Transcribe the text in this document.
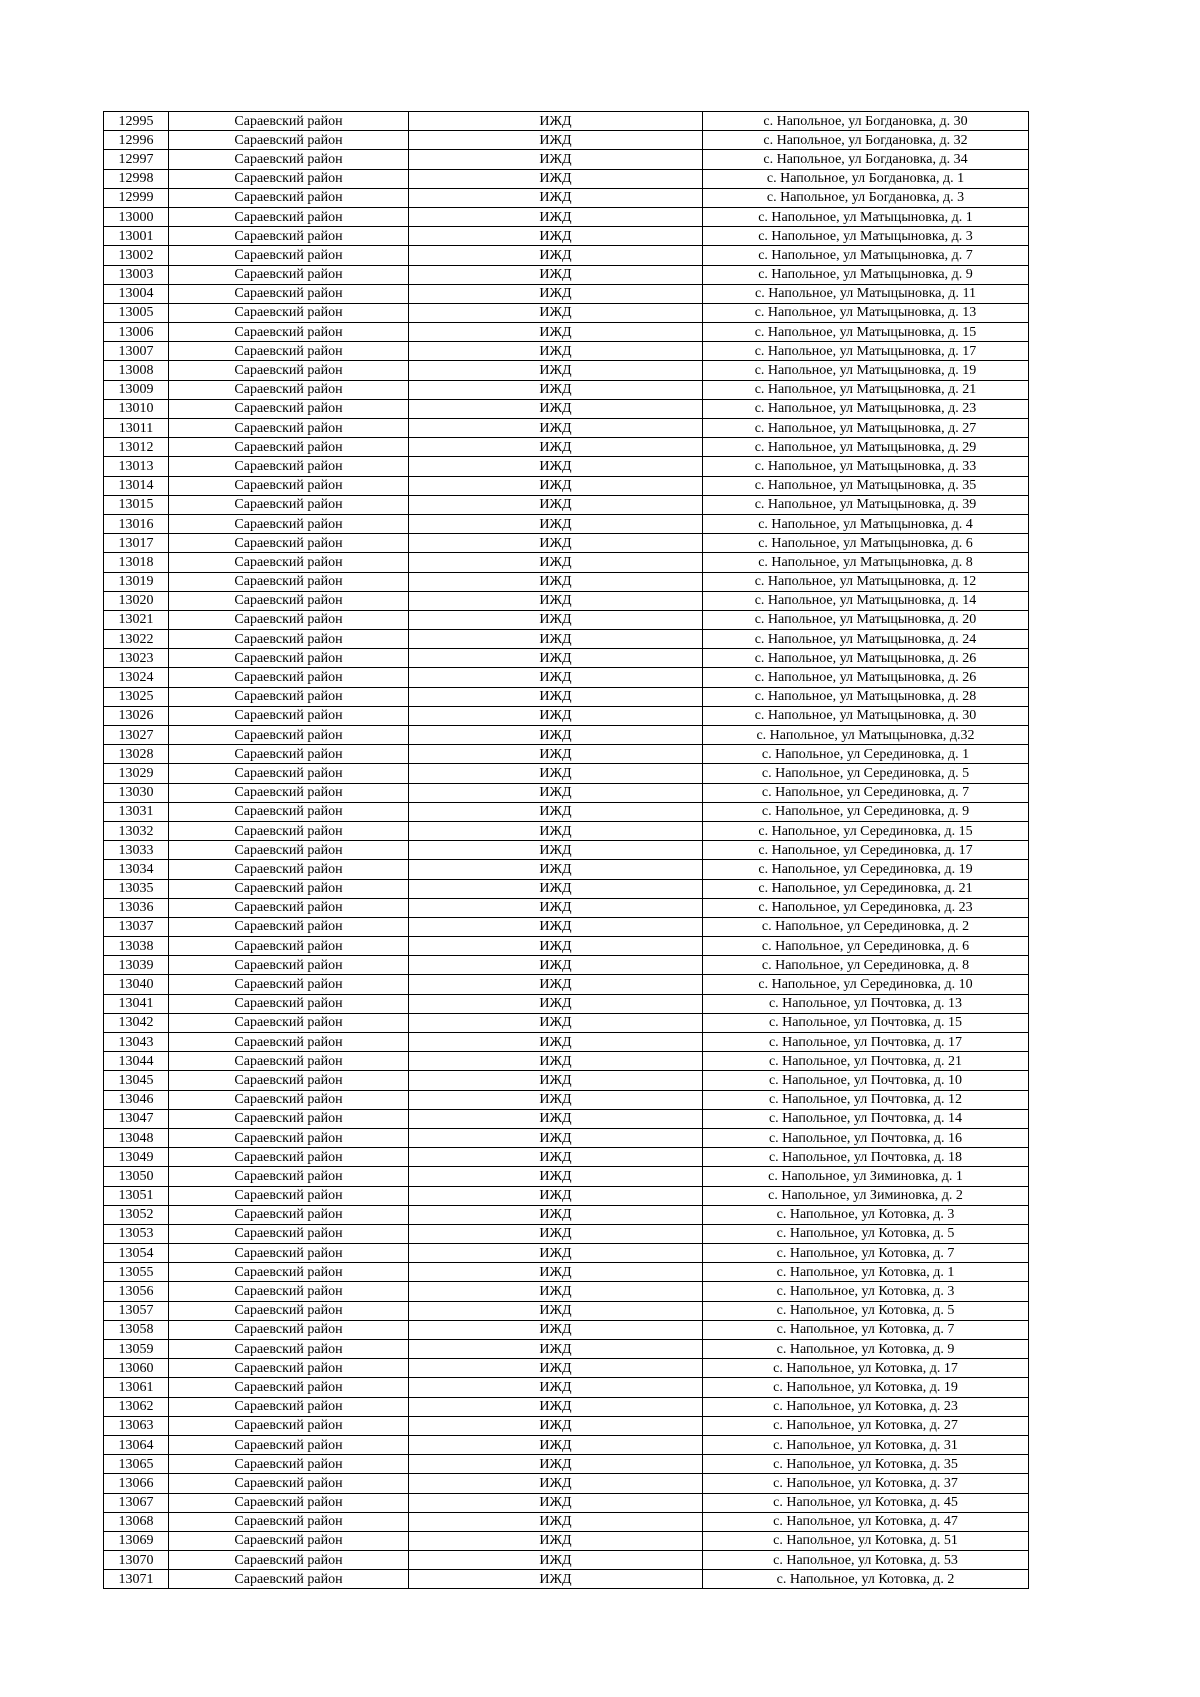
12995	Сараевский район	ИЖД	с. Напольное, ул Богдановка, д. 30
12996	Сараевский район	ИЖД	с. Напольное, ул Богдановка, д. 32
12997	Сараевский район	ИЖД	с. Напольное, ул Богдановка, д. 34
12998	Сараевский район	ИЖД	с. Напольное, ул Богдановка, д. 1
12999	Сараевский район	ИЖД	с. Напольное, ул Богдановка, д. 3
13000	Сараевский район	ИЖД	с. Напольное, ул Матыцыновка, д. 1
13001	Сараевский район	ИЖД	с. Напольное, ул Матыцыновка, д. 3
13002	Сараевский район	ИЖД	с. Напольное, ул Матыцыновка, д. 7
13003	Сараевский район	ИЖД	с. Напольное, ул Матыцыновка, д. 9
13004	Сараевский район	ИЖД	с. Напольное, ул Матыцыновка, д. 11
13005	Сараевский район	ИЖД	с. Напольное, ул Матыцыновка, д. 13
13006	Сараевский район	ИЖД	с. Напольное, ул Матыцыновка, д. 15
13007	Сараевский район	ИЖД	с. Напольное, ул Матыцыновка, д. 17
13008	Сараевский район	ИЖД	с. Напольное, ул Матыцыновка, д. 19
13009	Сараевский район	ИЖД	с. Напольное, ул Матыцыновка, д. 21
13010	Сараевский район	ИЖД	с. Напольное, ул Матыцыновка, д. 23
13011	Сараевский район	ИЖД	с. Напольное, ул Матыцыновка, д. 27
13012	Сараевский район	ИЖД	с. Напольное, ул Матыцыновка, д. 29
13013	Сараевский район	ИЖД	с. Напольное, ул Матыцыновка, д. 33
13014	Сараевский район	ИЖД	с. Напольное, ул Матыцыновка, д. 35
13015	Сараевский район	ИЖД	с. Напольное, ул Матыцыновка, д. 39
13016	Сараевский район	ИЖД	с. Напольное, ул Матыцыновка, д. 4
13017	Сараевский район	ИЖД	с. Напольное, ул Матыцыновка, д. 6
13018	Сараевский район	ИЖД	с. Напольное, ул Матыцыновка, д. 8
13019	Сараевский район	ИЖД	с. Напольное, ул Матыцыновка, д. 12
13020	Сараевский район	ИЖД	с. Напольное, ул Матыцыновка, д. 14
13021	Сараевский район	ИЖД	с. Напольное, ул Матыцыновка, д. 20
13022	Сараевский район	ИЖД	с. Напольное, ул Матыцыновка, д. 24
13023	Сараевский район	ИЖД	с. Напольное, ул Матыцыновка, д. 26
13024	Сараевский район	ИЖД	с. Напольное, ул Матыцыновка, д. 26
13025	Сараевский район	ИЖД	с. Напольное, ул Матыцыновка, д. 28
13026	Сараевский район	ИЖД	с. Напольное, ул Матыцыновка, д. 30
13027	Сараевский район	ИЖД	с. Напольное, ул Матыцыновка, д.32
13028	Сараевский район	ИЖД	с. Напольное, ул Серединовка, д. 1
13029	Сараевский район	ИЖД	с. Напольное, ул Серединовка, д. 5
13030	Сараевский район	ИЖД	с. Напольное, ул Серединовка, д. 7
13031	Сараевский район	ИЖД	с. Напольное, ул Серединовка, д. 9
13032	Сараевский район	ИЖД	с. Напольное, ул Серединовка, д. 15
13033	Сараевский район	ИЖД	с. Напольное, ул Серединовка, д. 17
13034	Сараевский район	ИЖД	с. Напольное, ул Серединовка, д. 19
13035	Сараевский район	ИЖД	с. Напольное, ул Серединовка, д. 21
13036	Сараевский район	ИЖД	с. Напольное, ул Серединовка, д. 23
13037	Сараевский район	ИЖД	с. Напольное, ул Серединовка, д. 2
13038	Сараевский район	ИЖД	с. Напольное, ул Серединовка, д. 6
13039	Сараевский район	ИЖД	с. Напольное, ул Серединовка, д. 8
13040	Сараевский район	ИЖД	с. Напольное, ул Серединовка, д. 10
13041	Сараевский район	ИЖД	с. Напольное, ул Почтовка, д. 13
13042	Сараевский район	ИЖД	с. Напольное, ул Почтовка, д. 15
13043	Сараевский район	ИЖД	с. Напольное, ул Почтовка, д. 17
13044	Сараевский район	ИЖД	с. Напольное, ул Почтовка, д. 21
13045	Сараевский район	ИЖД	с. Напольное, ул Почтовка, д. 10
13046	Сараевский район	ИЖД	с. Напольное, ул Почтовка, д. 12
13047	Сараевский район	ИЖД	с. Напольное, ул Почтовка, д. 14
13048	Сараевский район	ИЖД	с. Напольное, ул Почтовка, д. 16
13049	Сараевский район	ИЖД	с. Напольное, ул Почтовка, д. 18
13050	Сараевский район	ИЖД	с. Напольное, ул Зиминовка, д. 1
13051	Сараевский район	ИЖД	с. Напольное, ул Зиминовка, д. 2
13052	Сараевский район	ИЖД	с. Напольное, ул Котовка, д. 3
13053	Сараевский район	ИЖД	с. Напольное, ул Котовка, д. 5
13054	Сараевский район	ИЖД	с. Напольное, ул Котовка, д. 7
13055	Сараевский район	ИЖД	с. Напольное, ул Котовка, д. 1
13056	Сараевский район	ИЖД	с. Напольное, ул Котовка, д. 3
13057	Сараевский район	ИЖД	с. Напольное, ул Котовка, д. 5
13058	Сараевский район	ИЖД	с. Напольное, ул Котовка, д. 7
13059	Сараевский район	ИЖД	с. Напольное, ул Котовка, д. 9
13060	Сараевский район	ИЖД	с. Напольное, ул Котовка, д. 17
13061	Сараевский район	ИЖД	с. Напольное, ул Котовка, д. 19
13062	Сараевский район	ИЖД	с. Напольное, ул Котовка, д. 23
13063	Сараевский район	ИЖД	с. Напольное, ул Котовка, д. 27
13064	Сараевский район	ИЖД	с. Напольное, ул Котовка, д. 31
13065	Сараевский район	ИЖД	с. Напольное, ул Котовка, д. 35
13066	Сараевский район	ИЖД	с. Напольное, ул Котовка, д. 37
13067	Сараевский район	ИЖД	с. Напольное, ул Котовка, д. 45
13068	Сараевский район	ИЖД	с. Напольное, ул Котовка, д. 47
13069	Сараевский район	ИЖД	с. Напольное, ул Котовка, д. 51
13070	Сараевский район	ИЖД	с. Напольное, ул Котовка, д. 53
13071	Сараевский район	ИЖД	с. Напольное, ул Котовка, д. 2
